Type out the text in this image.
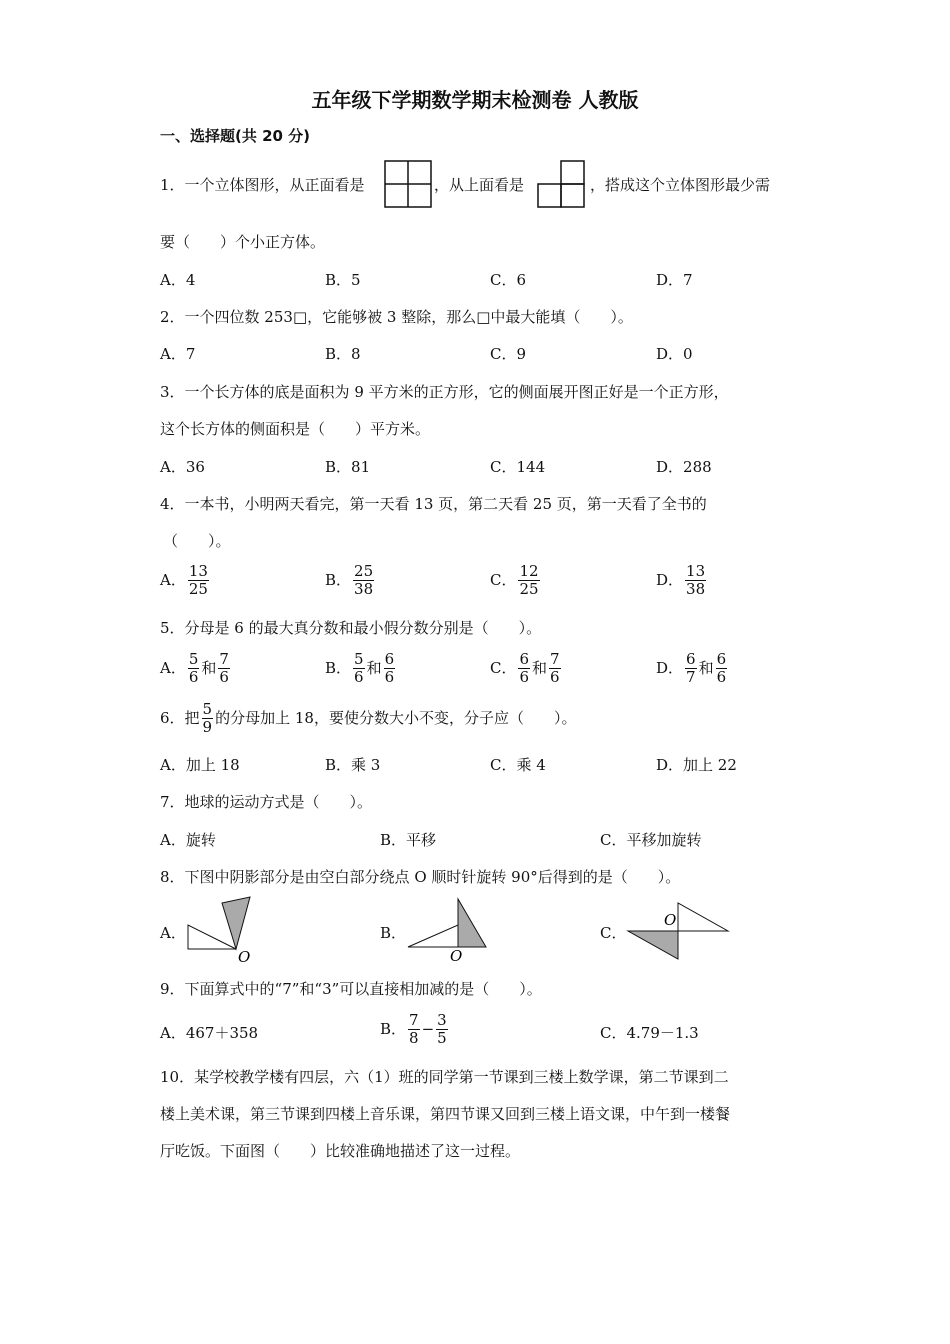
五年级下学期数学期末检测卷 人教版
一、选择题(共 20 分)
1．一个立体图形，从正面看是	，从上面看是	，搭成这个立体图形最少需
要（　　）个小正方体。
A．4	B．5	C．6	D．7
2．一个四位数 253□，它能够被 3 整除，那么□中最大能填（　　）。
A．7	B．8	C．9	D．0
3．一个长方体的底是面积为 9 平方米的正方形，它的侧面展开图正好是一个正方形，
这个长方体的侧面积是（　　）平方米。
A．36	B．81	C．144	D．288
4．一本书，小明两天看完，第一天看 13 页，第二天看 25 页，第一天看了全书的
（　　）。
A． $\frac{13}{25}$	B． $\frac{25}{38}$	C． $\frac{12}{25}$	D． $\frac{13}{38}$
5．分母是 6 的最大真分数和最小假分数分别是（　　）。
A． $\frac{5}{6}$ 和 $\frac{7}{6}$	B． $\frac{5}{6}$ 和 $\frac{6}{6}$	C． $\frac{6}{6}$ 和 $\frac{7}{6}$	D． $\frac{6}{7}$ 和 $\frac{6}{6}$
6．把 $\frac{5}{9}$ 的分母加上 18，要使分数大小不变，分子应（　　）。
A．加上 18	B．乘 3	C．乘 4	D．加上 22
7．地球的运动方式是（　　）。
A．旋转	B．平移	C．平移加旋转
8．下图中阴影部分是由空白部分绕点 O 顺时针旋转 90°后得到的是（　　）。
A．
O
B．
O
C．
O
9．下面算式中的“7”和“3”可以直接相加减的是（　　）。
A．467＋358	B． $\frac{7}{8} - \frac{3}{5}$	C．4.79－1.3
10．某学校教学楼有四层，六（1）班的同学第一节课到三楼上数学课，第二节课到二
楼上美术课，第三节课到四楼上音乐课，第四节课又回到三楼上语文课，中午到一楼餐
厅吃饭。下面图（　　）比较准确地描述了这一过程。
